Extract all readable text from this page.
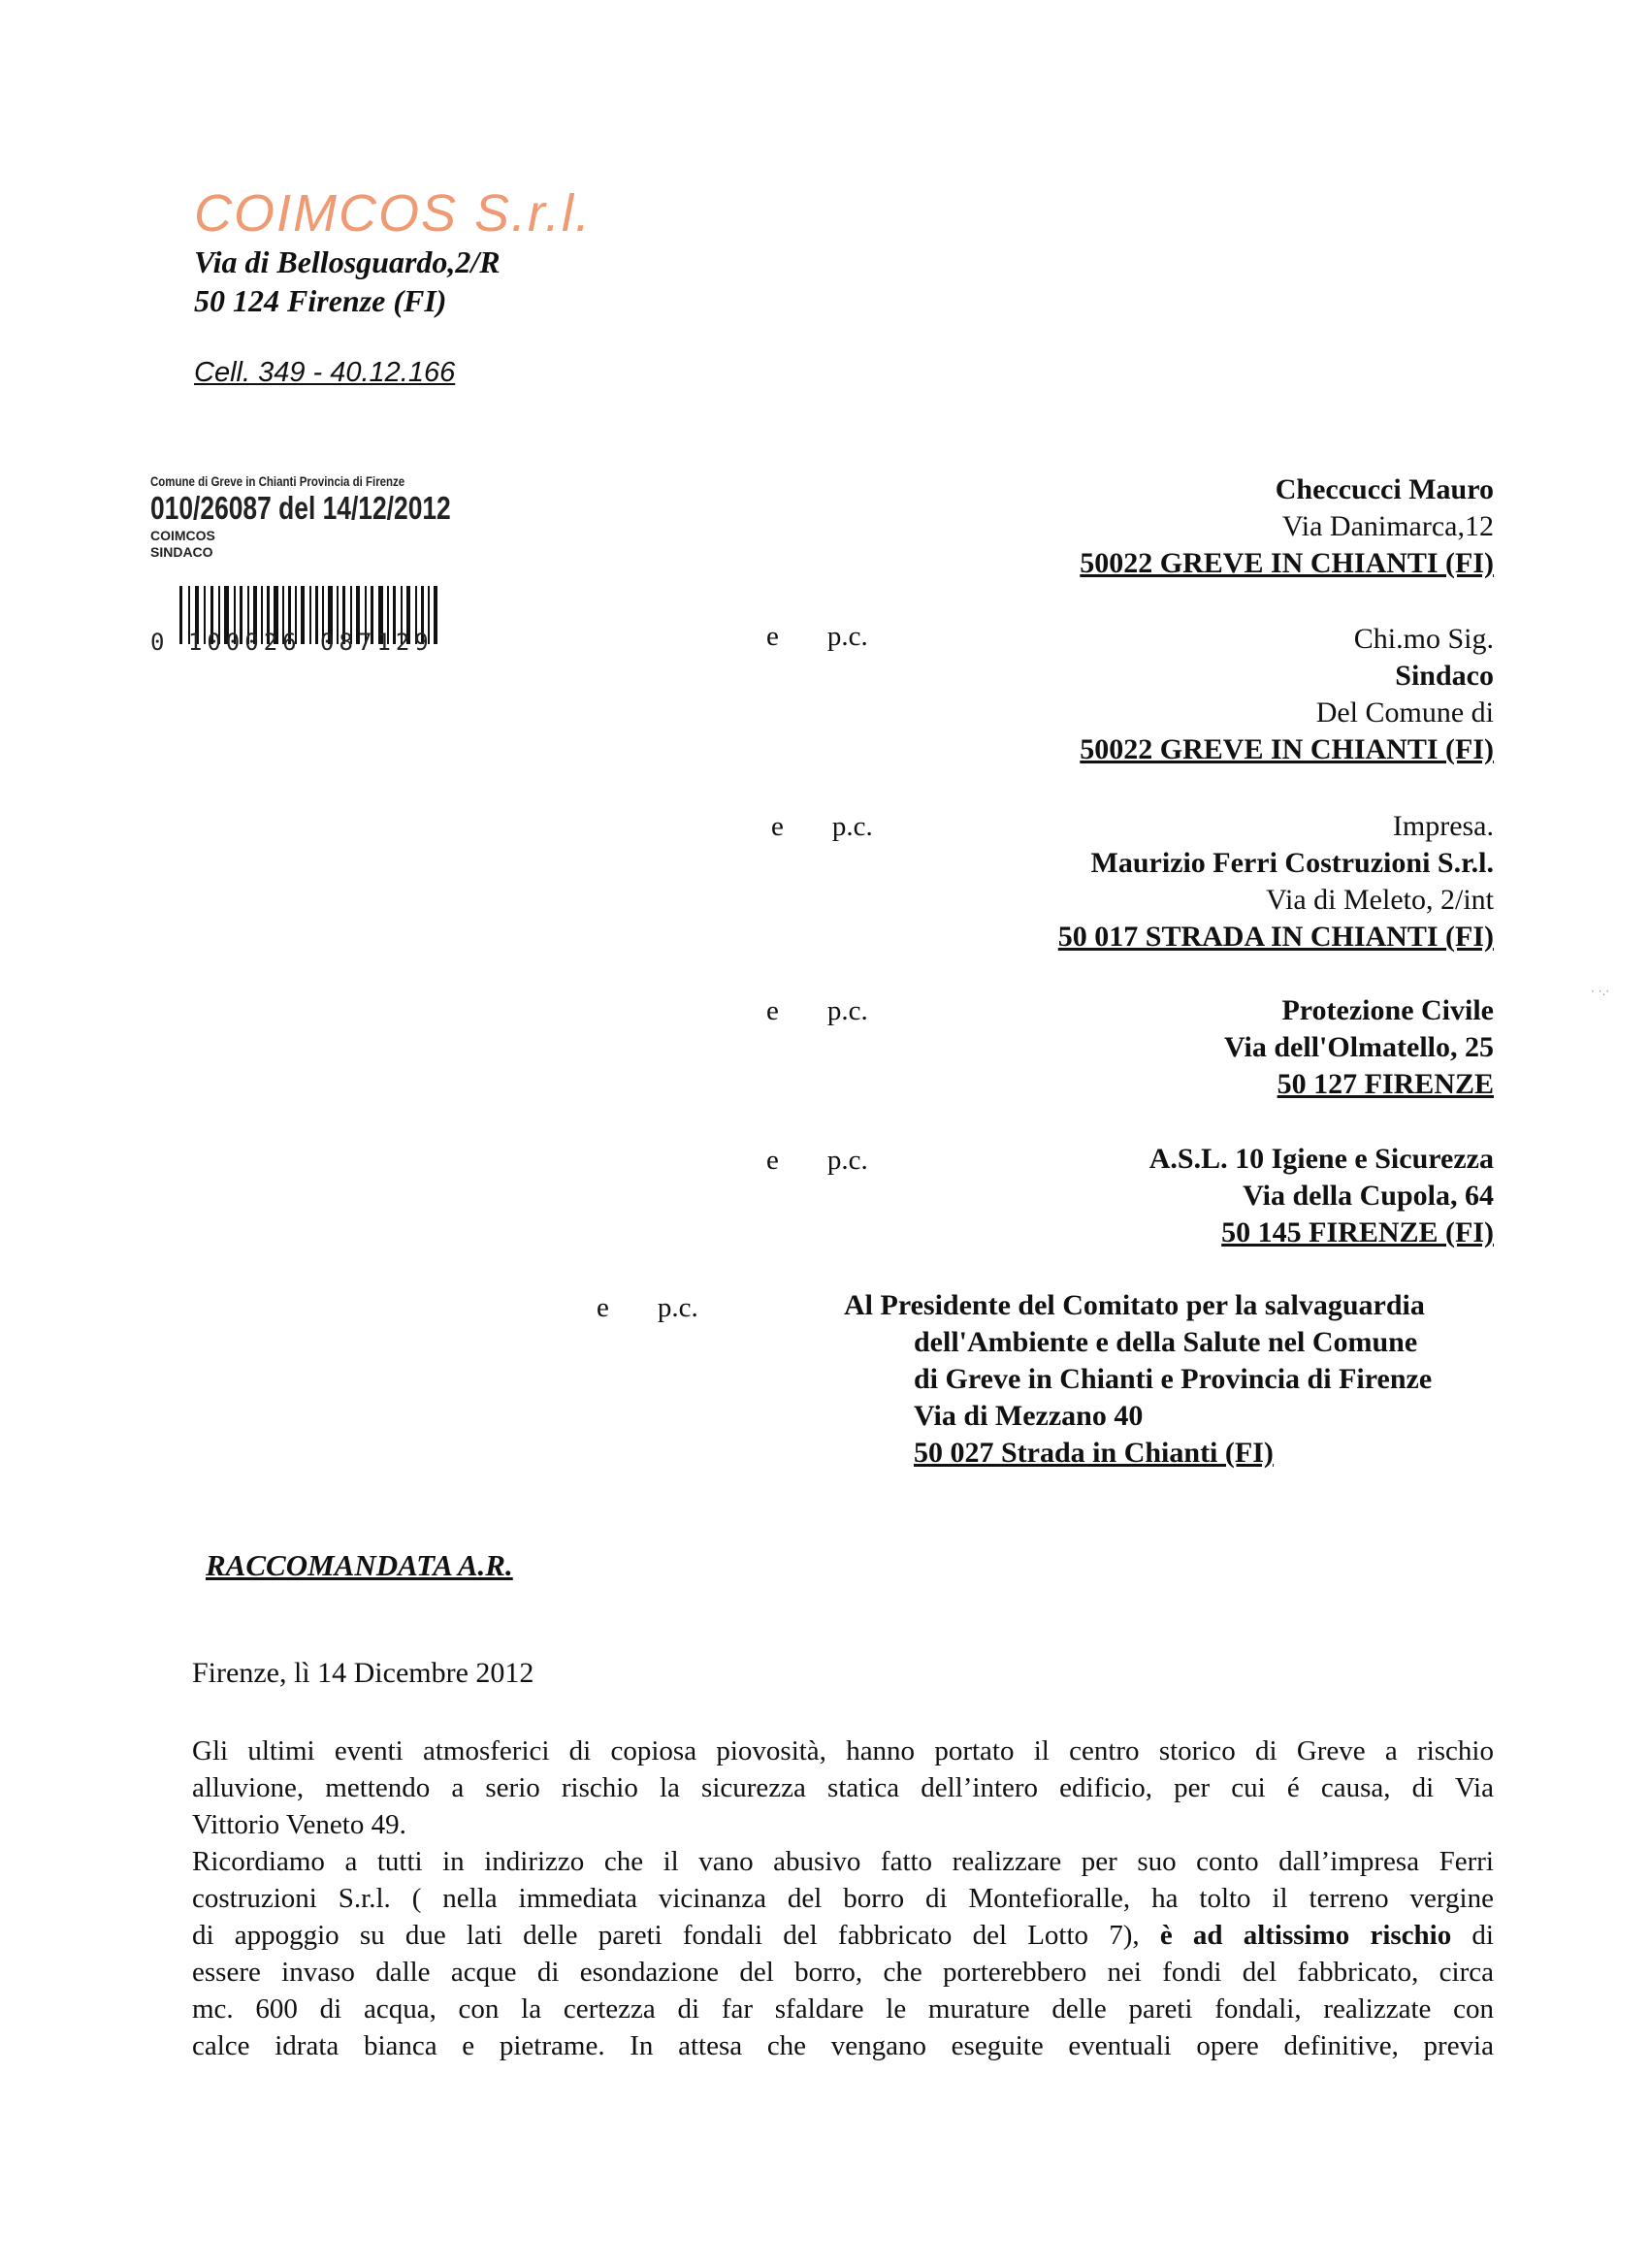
COIMCOS S.r.l.

Via di Bellosguardo,2/R
50 124 Firenze (FI)
Cell. 349 - 40.12.166
Comune di Greve in Chianti Provincia di Firenze
010/26087 del 14/12/2012
COIMCOS
SINDACO
0 100026 087129
Checcucci Mauro
Via Danimarca,12
50022 GREVE IN CHIANTI (FI)
e p.c.	Chi.mo Sig.
Sindaco
Del Comune di
50022 GREVE IN CHIANTI (FI)
e p.c.	Impresa.
Maurizio Ferri Costruzioni S.r.l.
Via di Meleto, 2/int
50 017 STRADA IN CHIANTI (FI)
e p.c.	Protezione Civile
Via dell'Olmatello, 25
50 127 FIRENZE
e p.c.	A.S.L. 10 Igiene e Sicurezza
Via della Cupola, 64
50 145 FIRENZE (FI)
e p.c.	Al Presidente del Comitato per la salvaguardia
dell'Ambiente e della Salute nel Comune
di Greve in Chianti e Provincia di Firenze
Via di Mezzano 40
50 027 Strada in Chianti (FI)
· ·.·
RACCOMANDATA A.R.
Firenze, lì 14 Dicembre 2012

Gli ultimi eventi atmosferici di copiosa piovosità, hanno portato il centro storico di Greve a rischio
alluvione, mettendo a serio rischio la sicurezza statica dell’intero edificio, per cui é causa, di Via
Vittorio Veneto 49.

Ricordiamo a tutti in indirizzo che il vano abusivo fatto realizzare per suo conto dall’impresa Ferri
costruzioni S.r.l. ( nella immediata vicinanza del borro di Montefioralle, ha tolto il terreno vergine
di appoggio su due lati delle pareti fondali del fabbricato del Lotto 7), è ad altissimo rischio di
essere invaso dalle acque di esondazione del borro, che porterebbero nei fondi del fabbricato, circa
mc. 600 di acqua, con la certezza di far sfaldare le murature delle pareti fondali, realizzate con
calce idrata bianca e pietrame. In attesa che vengano eseguite eventuali opere definitive, previa
